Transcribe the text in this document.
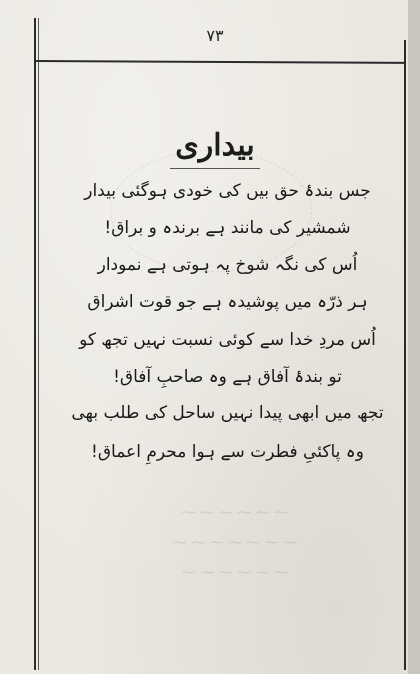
۷۳
بیداری
جس بندۂ حق بیں کی خودی ہوگئی بیدار
شمشیر کی مانند ہے برندہ و براق!
اُس کی نگہ شوخ پہ ہوتی ہے نمودار
ہر ذرّہ میں پوشیدہ ہے جو قوت اشراق
اُس مردِ خدا سے کوئی نسبت نہیں تجھ کو
تو بندۂ آفاق ہے وہ صاحبِ آفاق!
تجھ میں ابھی پیدا نہیں ساحل کی طلب بھی
وہ پاکئیِ فطرت سے ہوا محرمِ اعماق!
⁓ ⁓ ⁓ ⁓ ⁓ ⁓
⁓ ⁓ ⁓ ⁓ ⁓ ⁓ ⁓
⁓ ⁓ ⁓ ⁓ ⁓ ⁓
